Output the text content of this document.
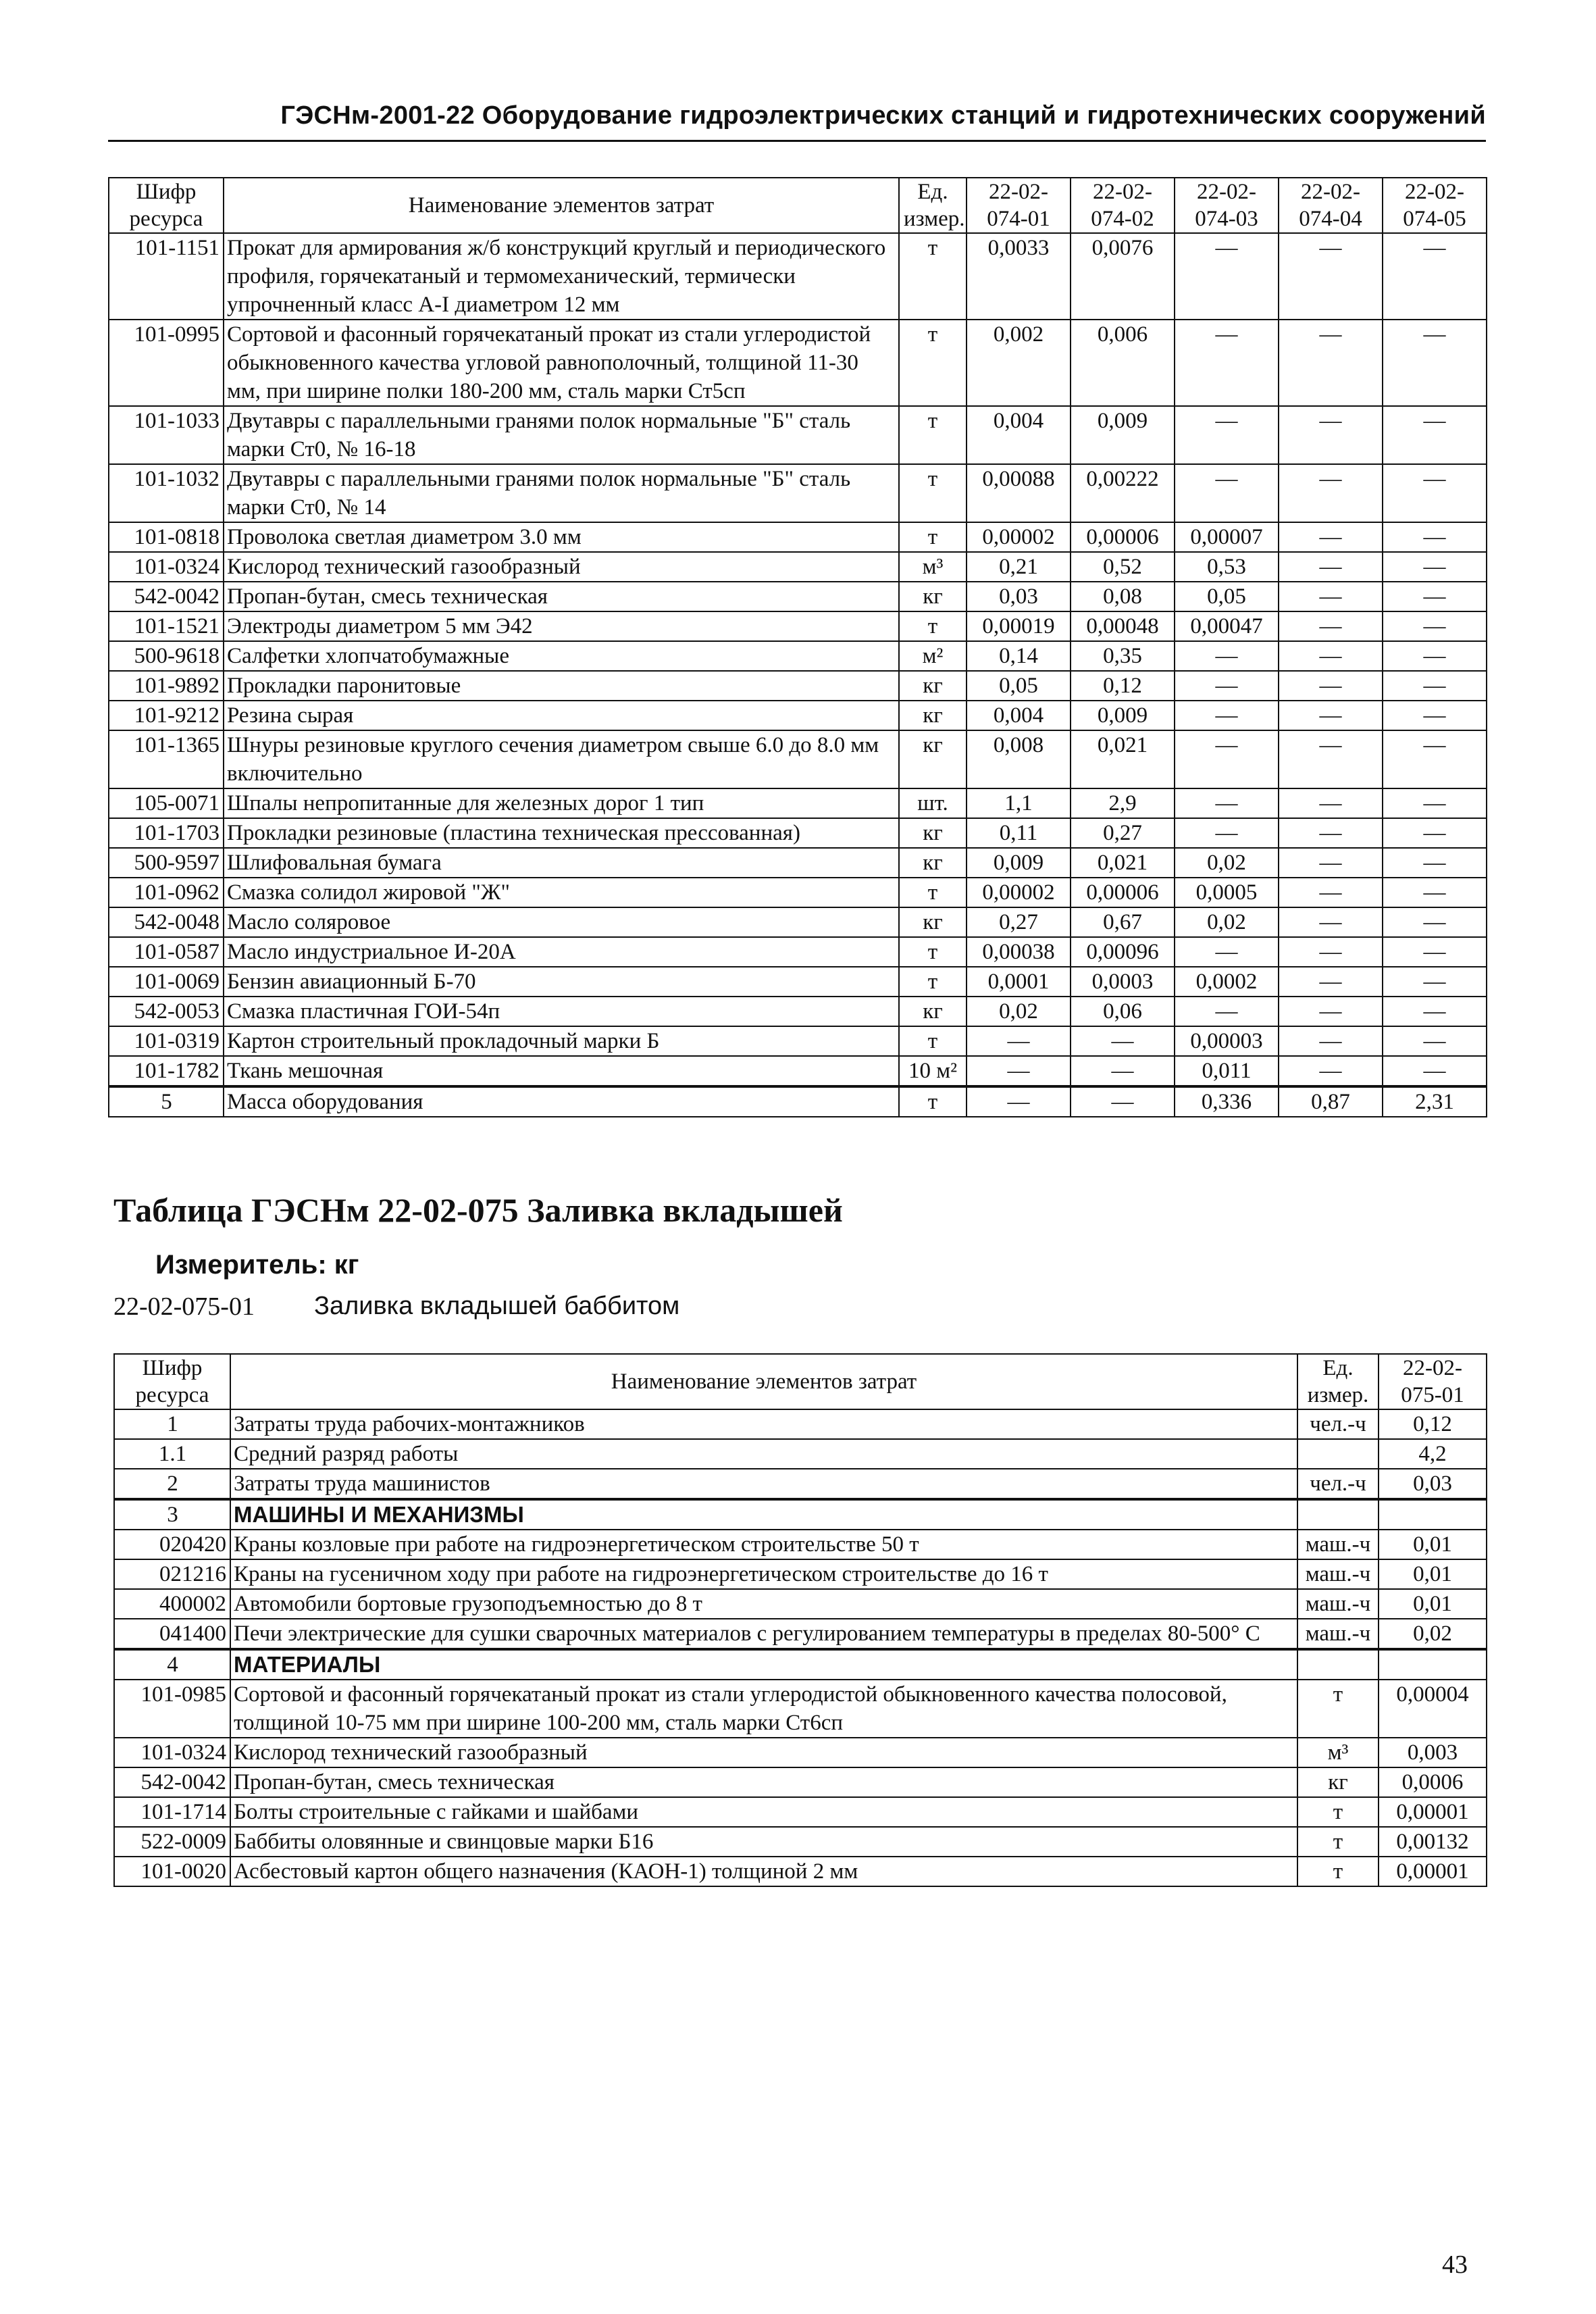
ГЭСНм-2001-22 Оборудование гидроэлектрических станций и гидротехнических сооружений
Шифр ресурса	Наименование элементов затрат	Ед. измер.	22-02-074-01	22-02-074-02	22-02-074-03	22-02-074-04	22-02-074-05
101-1151	Прокат для армирования ж/б конструкций круглый и периодического профиля, горячекатаный и термомеханический, термически упрочненный класс А-I диаметром 12 мм	т	0,0033	0,0076	—	—	—
101-0995	Сортовой и фасонный горячекатаный прокат из стали углеродистой обыкновенного качества угловой равнополочный, толщиной 11-30 мм, при ширине полки 180-200 мм, сталь марки Ст5сп	т	0,002	0,006	—	—	—
101-1033	Двутавры с параллельными гранями полок нормальные "Б" сталь марки Ст0, № 16-18	т	0,004	0,009	—	—	—
101-1032	Двутавры с параллельными гранями полок нормальные "Б" сталь марки Ст0, № 14	т	0,00088	0,00222	—	—	—
101-0818	Проволока светлая диаметром 3.0 мм	т	0,00002	0,00006	0,00007	—	—
101-0324	Кислород технический газообразный	м³	0,21	0,52	0,53	—	—
542-0042	Пропан-бутан, смесь техническая	кг	0,03	0,08	0,05	—	—
101-1521	Электроды диаметром 5 мм Э42	т	0,00019	0,00048	0,00047	—	—
500-9618	Салфетки хлопчатобумажные	м²	0,14	0,35	—	—	—
101-9892	Прокладки паронитовые	кг	0,05	0,12	—	—	—
101-9212	Резина сырая	кг	0,004	0,009	—	—	—
101-1365	Шнуры резиновые круглого сечения диаметром свыше 6.0 до 8.0 мм включительно	кг	0,008	0,021	—	—	—
105-0071	Шпалы непропитанные для железных дорог 1 тип	шт.	1,1	2,9	—	—	—
101-1703	Прокладки резиновые (пластина техническая прессованная)	кг	0,11	0,27	—	—	—
500-9597	Шлифовальная бумага	кг	0,009	0,021	0,02	—	—
101-0962	Смазка солидол жировой "Ж"	т	0,00002	0,00006	0,0005	—	—
542-0048	Масло соляровое	кг	0,27	0,67	0,02	—	—
101-0587	Масло индустриальное И-20А	т	0,00038	0,00096	—	—	—
101-0069	Бензин авиационный Б-70	т	0,0001	0,0003	0,0002	—	—
542-0053	Смазка пластичная ГОИ-54п	кг	0,02	0,06	—	—	—
101-0319	Картон строительный прокладочный марки Б	т	—	—	0,00003	—	—
101-1782	Ткань мешочная	10 м²	—	—	0,011	—	—
5	Масса оборудования	т	—	—	0,336	0,87	2,31
Таблица ГЭСНм 22-02-075 Заливка вкладышей
Измеритель: кг
22-02-075-01 Заливка вкладышей баббитом
Шифр ресурса	Наименование элементов затрат	Ед. измер.	22-02-075-01
1	Затраты труда рабочих-монтажников	чел.-ч	0,12
1.1	Средний разряд работы		4,2
2	Затраты труда машинистов	чел.-ч	0,03
3	МАШИНЫ И МЕХАНИЗМЫ		
020420	Краны козловые при работе на гидроэнергетическом строительстве 50 т	маш.-ч	0,01
021216	Краны на гусеничном ходу при работе на гидроэнергетическом строительстве до 16 т	маш.-ч	0,01
400002	Автомобили бортовые грузоподъемностью до 8 т	маш.-ч	0,01
041400	Печи электрические для сушки сварочных материалов с регулированием температуры в пределах 80-500° С	маш.-ч	0,02
4	МАТЕРИАЛЫ		
101-0985	Сортовой и фасонный горячекатаный прокат из стали углеродистой обыкновенного качества полосовой, толщиной 10-75 мм при ширине 100-200 мм, сталь марки Ст6сп	т	0,00004
101-0324	Кислород технический газообразный	м³	0,003
542-0042	Пропан-бутан, смесь техническая	кг	0,0006
101-1714	Болты строительные с гайками и шайбами	т	0,00001
522-0009	Баббиты оловянные и свинцовые марки Б16	т	0,00132
101-0020	Асбестовый картон общего назначения (КАОН-1) толщиной 2 мм	т	0,00001
43
